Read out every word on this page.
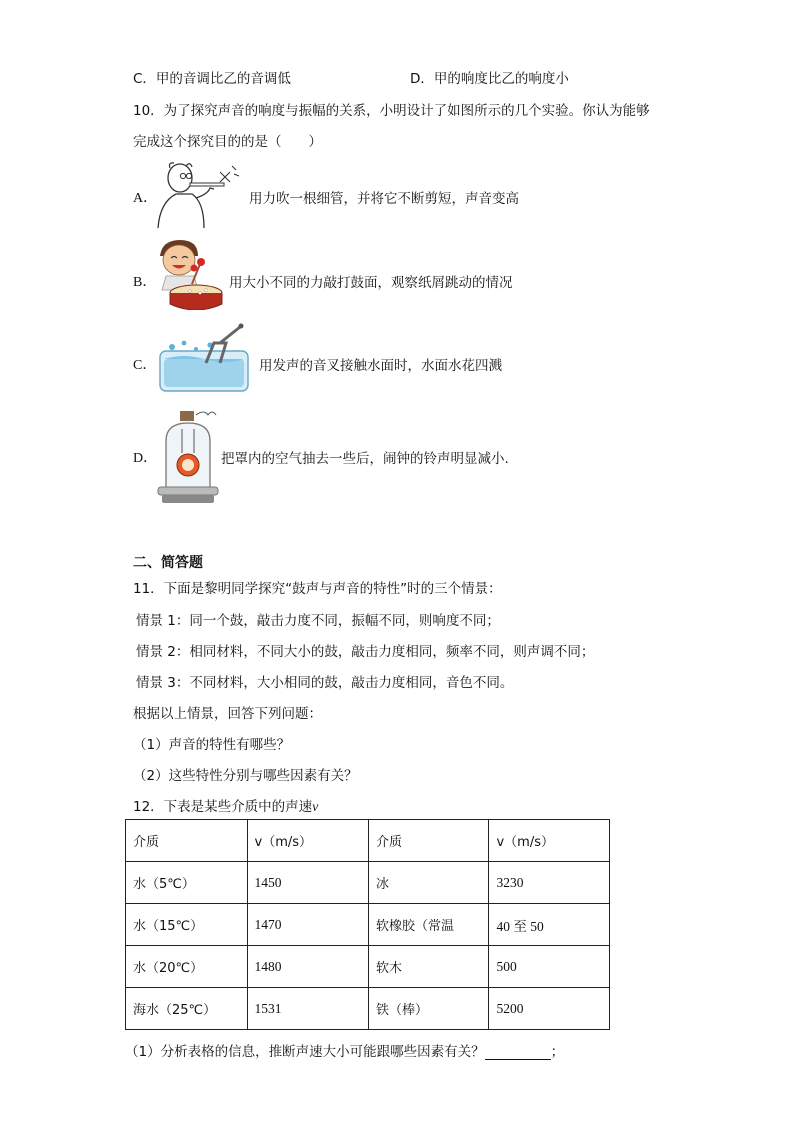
C．甲的音调比乙的音调低	D．甲的响度比乙的响度小
10．为了探究声音的响度与振幅的关系，小明设计了如图所示的几个实验。你认为能够
完成这个探究目的的是（　　）
A．	用力吹一根细管，并将它不断剪短，声音变高
B．	用大小不同的力敲打鼓面，观察纸屑跳动的情况
C．	用发声的音叉接触水面时，水面水花四溅
D．	把罩内的空气抽去一些后，闹钟的铃声明显减小.
二、简答题
11．下面是黎明同学探究“鼓声与声音的特性”时的三个情景：
情景 1：同一个鼓，敲击力度不同，振幅不同，则响度不同；
情景 2：相同材料，不同大小的鼓，敲击力度相同，频率不同，则声调不同；
情景 3：不同材料，大小相同的鼓，敲击力度相同，音色不同。
根据以上情景，回答下列问题：
（1）声音的特性有哪些？
（2）这些特性分别与哪些因素有关？
12．下表是某些介质中的声速v
介质	v（m/s）	介质	v（m/s）
水（5℃）	1450	冰	3230
水（15℃）	1470	软橡胶（常温	40 至 50
水（20℃）	1480	软木	500
海水（25℃）	1531	铁（棒）	5200
（1）分析表格的信息，推断声速大小可能跟哪些因素有关？	；
